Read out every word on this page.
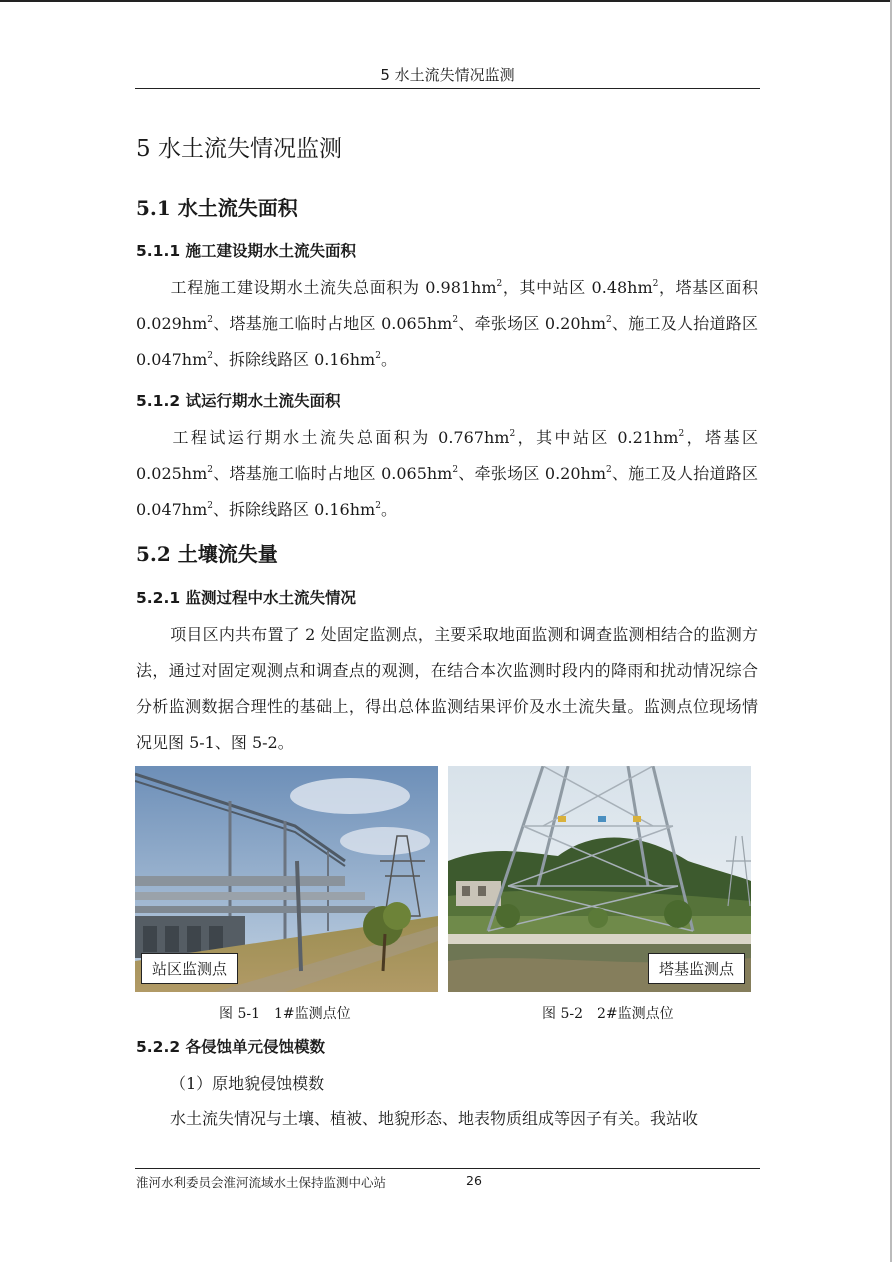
5 水土流失情况监测
5 水土流失情况监测
5.1 水土流失面积
5.1.1 施工建设期水土流失面积
工程施工建设期水土流失总面积为 $0.981hm^2$，其中站区 $0.48hm^2$，塔基区面积 $0.029hm^2$、塔基施工临时占地区 $0.065hm^2$、牵张场区 $0.20hm^2$、施工及人抬道路区 $0.047hm^2$、拆除线路区 $0.16hm^2$。
5.1.2 试运行期水土流失面积
工程试运行期水土流失总面积为 $0.767hm^2$，其中站区 $0.21hm^2$，塔基区 $0.025hm^2$、塔基施工临时占地区 $0.065hm^2$、牵张场区 $0.20hm^2$、施工及人抬道路区 $0.047hm^2$、拆除线路区 $0.16hm^2$。
5.2 土壤流失量
5.2.1 监测过程中水土流失情况
项目区内共布置了 2 处固定监测点，主要采取地面监测和调查监测相结合的监测方法，通过对固定观测点和调查点的观测，在结合本次监测时段内的降雨和扰动情况综合分析监测数据合理性的基础上，得出总体监测结果评价及水土流失量。监测点位现场情况见图 5-1、图 5-2。
站区监测点	塔基监测点
图 5-1　1#监测点位	图 5-2　2#监测点位
5.2.2 各侵蚀单元侵蚀模数
（1）原地貌侵蚀模数
水土流失情况与土壤、植被、地貌形态、地表物质组成等因子有关。我站收
淮河水利委员会淮河流域水土保持监测中心站	26
